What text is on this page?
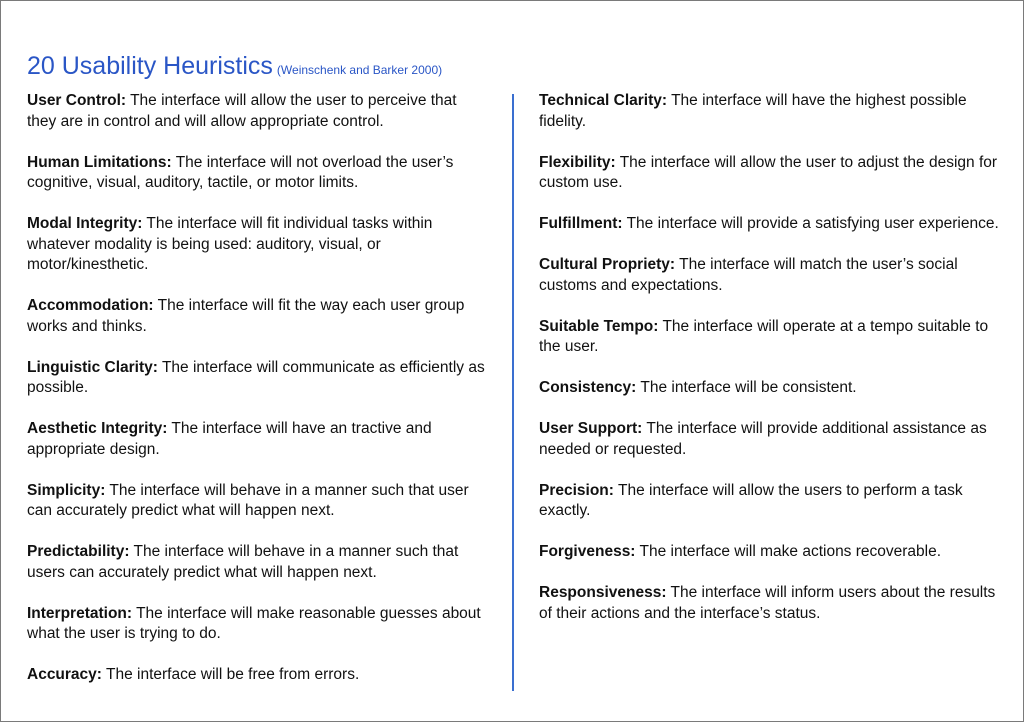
20 Usability Heuristics (Weinschenk and Barker 2000)

User Control: The interface will allow the user to perceive that they are in control and will allow appropriate control.

Human Limitations: The interface will not overload the user’s cognitive, visual, auditory, tactile, or motor limits.

Modal Integrity: The interface will fit individual tasks within whatever modality is being used: auditory, visual, or motor/kinesthetic.

Accommodation: The interface will fit the way each user group works and thinks.

Linguistic Clarity: The interface will communicate as efficiently as possible.

Aesthetic Integrity: The interface will have an tractive and appropriate design.

Simplicity: The interface will behave in a manner such that user can accurately predict what will happen next.

Predictability: The interface will behave in a manner such that users can accurately predict what will happen next.

Interpretation: The interface will make reasonable guesses about what the user is trying to do.

Accuracy: The interface will be free from errors.

Technical Clarity: The interface will have the highest possible fidelity.

Flexibility: The interface will allow the user to adjust the design for custom use.

Fulfillment: The interface will provide a satisfying user experience.

Cultural Propriety: The interface will match the user’s social customs and expectations.

Suitable Tempo: The interface will operate at a tempo suitable to the user.

Consistency: The interface will be consistent.

User Support: The interface will provide additional assistance as needed or requested.

Precision: The interface will allow the users to perform a task exactly.

Forgiveness: The interface will make actions recoverable.

Responsiveness: The interface will inform users about the results of their actions and the interface’s status.
